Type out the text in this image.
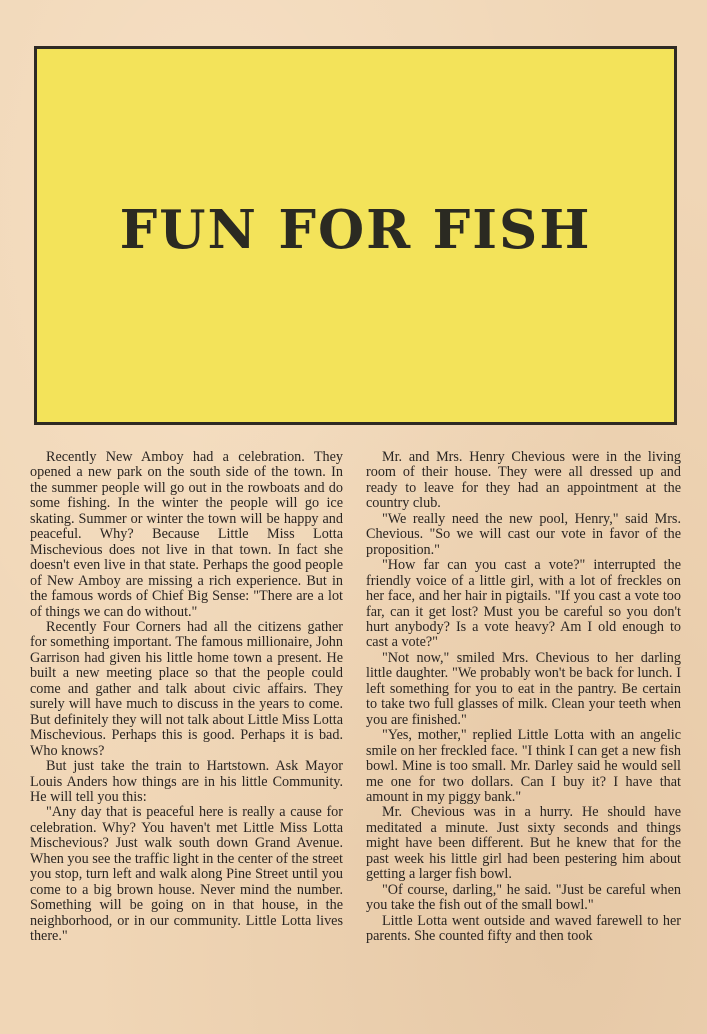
FUN FOR FISH

Recently New Amboy had a celebration. They opened a new park on the south side of the town. In the summer people will go out in the rowboats and do some fishing. In the winter the people will go ice skating. Summer or winter the town will be happy and peaceful. Why? Because Little Miss Lotta Mischevious does not live in that town. In fact she doesn't even live in that state. Perhaps the good people of New Amboy are missing a rich experience. But in the famous words of Chief Big Sense: "There are a lot of things we can do without."

Recently Four Corners had all the citizens gather for something important. The famous millionaire, John Garrison had given his little home town a present. He built a new meeting place so that the people could come and gather and talk about civic affairs. They surely will have much to discuss in the years to come. But definitely they will not talk about Little Miss Lotta Mischevious. Perhaps this is good. Perhaps it is bad. Who knows?

But just take the train to Hartstown. Ask Mayor Louis Anders how things are in his little Community. He will tell you this:

"Any day that is peaceful here is really a cause for celebration. Why? You haven't met Little Miss Lotta Mischevious? Just walk south down Grand Avenue. When you see the traffic light in the center of the street you stop, turn left and walk along Pine Street until you come to a big brown house. Never mind the number. Something will be going on in that house, in the neighborhood, or in our community. Little Lotta lives there."

Mr. and Mrs. Henry Chevious were in the living room of their house. They were all dressed up and ready to leave for they had an appointment at the country club.

"We really need the new pool, Henry," said Mrs. Chevious. "So we will cast our vote in favor of the proposition."

"How far can you cast a vote?" interrupted the friendly voice of a little girl, with a lot of freckles on her face, and her hair in pigtails. "If you cast a vote too far, can it get lost? Must you be careful so you don't hurt anybody? Is a vote heavy? Am I old enough to cast a vote?"

"Not now," smiled Mrs. Chevious to her darling little daughter. "We probably won't be back for lunch. I left something for you to eat in the pantry. Be certain to take two full glasses of milk. Clean your teeth when you are finished."

"Yes, mother," replied Little Lotta with an angelic smile on her freckled face. "I think I can get a new fish bowl. Mine is too small. Mr. Darley said he would sell me one for two dollars. Can I buy it? I have that amount in my piggy bank."

Mr. Chevious was in a hurry. He should have meditated a minute. Just sixty seconds and things might have been different. But he knew that for the past week his little girl had been pestering him about getting a larger fish bowl.

"Of course, darling," he said. "Just be careful when you take the fish out of the small bowl."

Little Lotta went outside and waved farewell to her parents. She counted fifty and then took
